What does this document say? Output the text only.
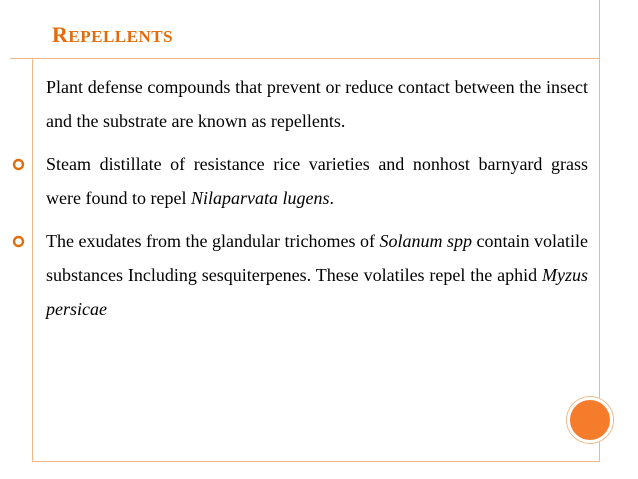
REPELLENTS

Plant defense compounds that prevent or reduce contact between the insect and the substrate are known as repellents.

Steam distillate of resistance rice varieties and nonhost barnyard grass were found to repel Nilaparvata lugens.

The exudates from the glandular trichomes of Solanum spp contain volatile substances Including sesquiterpenes. These volatiles repel the aphid Myzus persicae
